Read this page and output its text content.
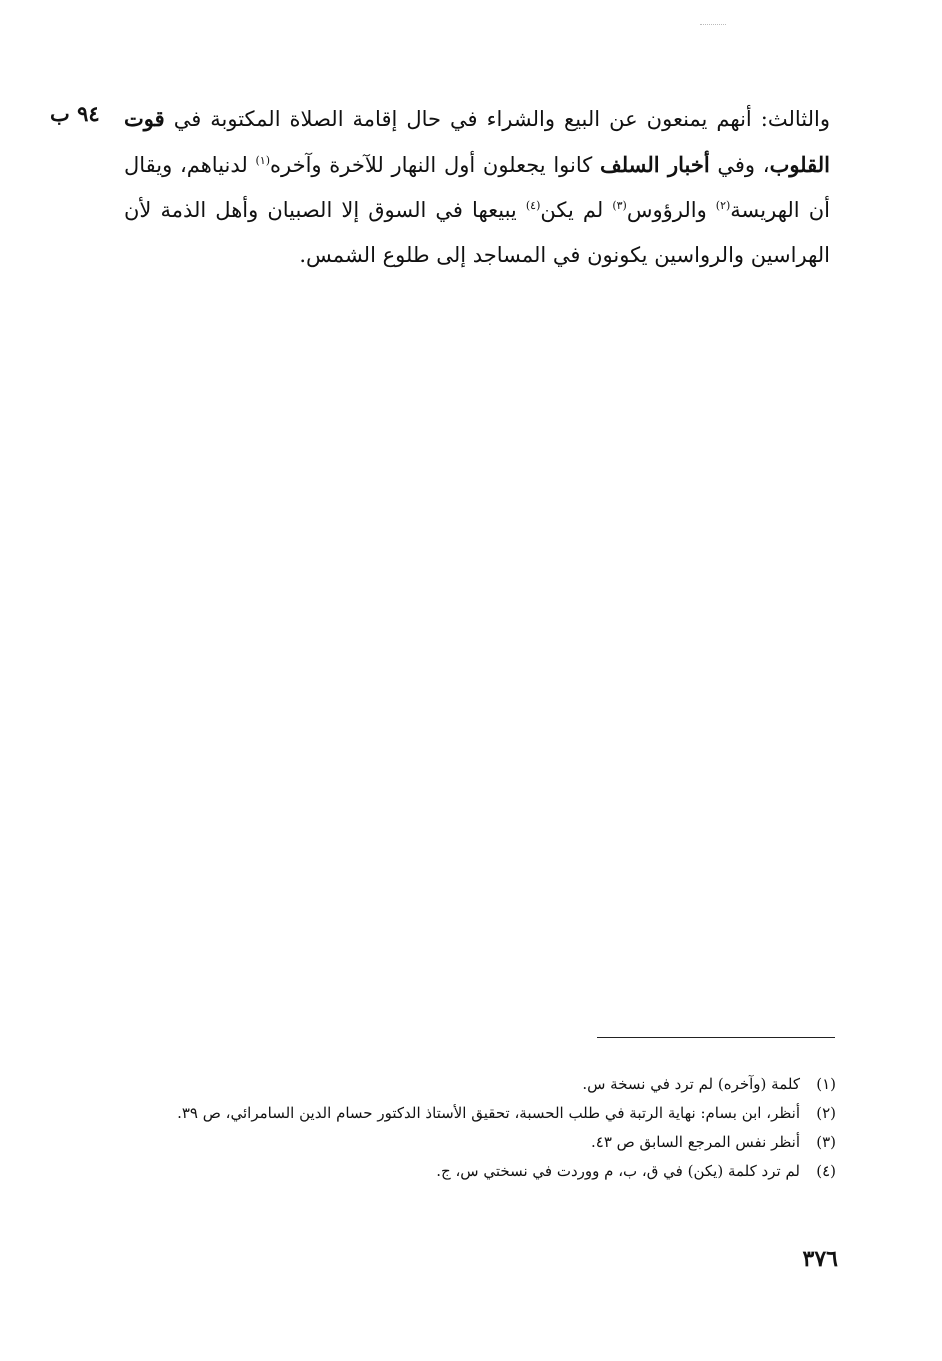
٩٤ ب	والثالث: أنهم يمنعون عن البيع والشراء في حال إقامة الصلاة المكتوبة في قوت القلوب، وفي أخبار السلف كانوا يجعلون أول النهار للآخرة وآخره$^{(١)}$ لدنياهم، ويقال أن الهريسة$^{(٢)}$ والرؤوس$^{(٣)}$ لم يكن$^{(٤)}$ يبيعها في السوق إلا الصبيان وأهل الذمة لأن الهراسين والرواسين يكونون في المساجد إلى طلوع الشمس.
(١)
كلمة (وآخره) لم ترد في نسخة س.
(٢)
أنظر، ابن بسام: نهاية الرتبة في طلب الحسبة، تحقيق الأستاذ الدكتور حسام الدين السامرائي، ص ٣٩.
(٣)
أنظر نفس المرجع السابق ص ٤٣.
(٤)
لم ترد كلمة (يكن) في ق، ب، م ووردت في نسختي س، ج.
٣٧٦
